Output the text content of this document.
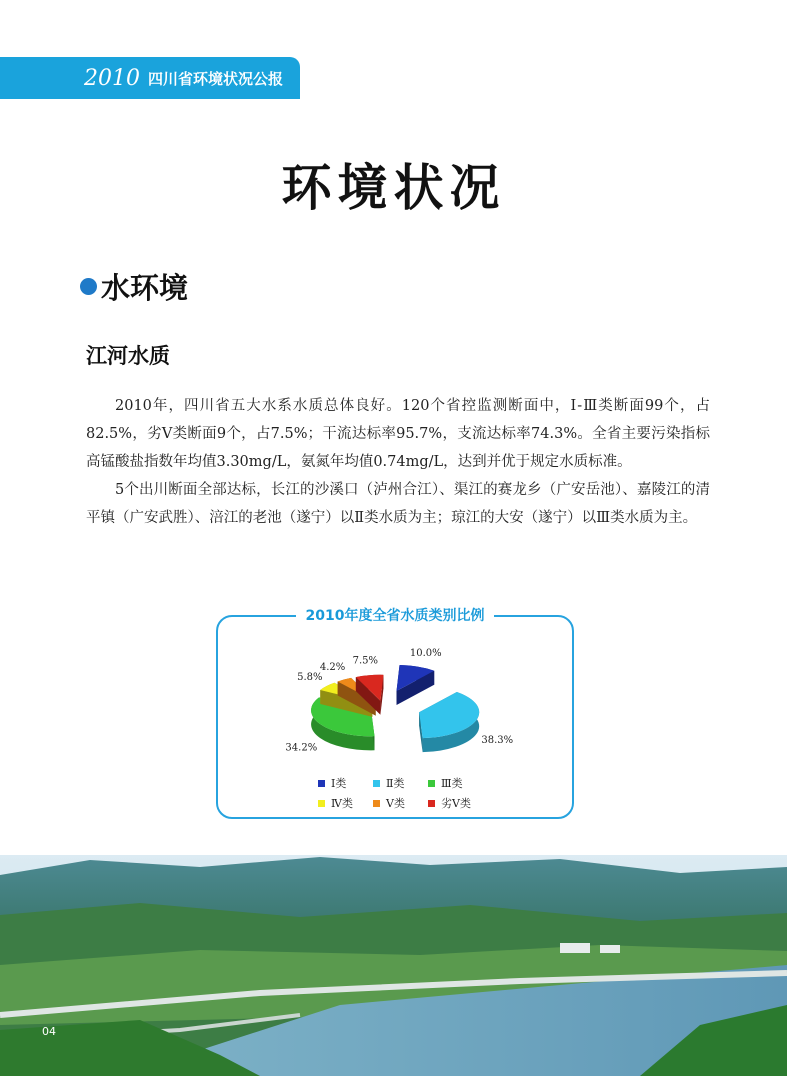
2010 四川省环境状况公报
环境状况
水环境
江河水质

2010年，四川省五大水系水质总体良好。120个省控监测断面中，Ⅰ-Ⅲ类断面99个，占82.5%，劣Ⅴ类断面9个，占7.5%；干流达标率95.7%，支流达标率74.3%。全省主要污染指标高锰酸盐指数年均值3.30mg/L，氨氮年均值0.74mg/L，达到并优于规定水质标准。

5个出川断面全部达标，长江的沙溪口（泸州合江）、渠江的赛龙乡（广安岳池）、嘉陵江的清平镇（广安武胜）、涪江的老池（遂宁）以Ⅱ类水质为主；琼江的大安（遂宁）以Ⅲ类水质为主。

2010年度全省水质类别比例
10.0%
38.3%
34.2%
5.8%
4.2%
7.5%
Ⅰ类	Ⅱ类	Ⅲ类
Ⅳ类	Ⅴ类	劣Ⅴ类
04
